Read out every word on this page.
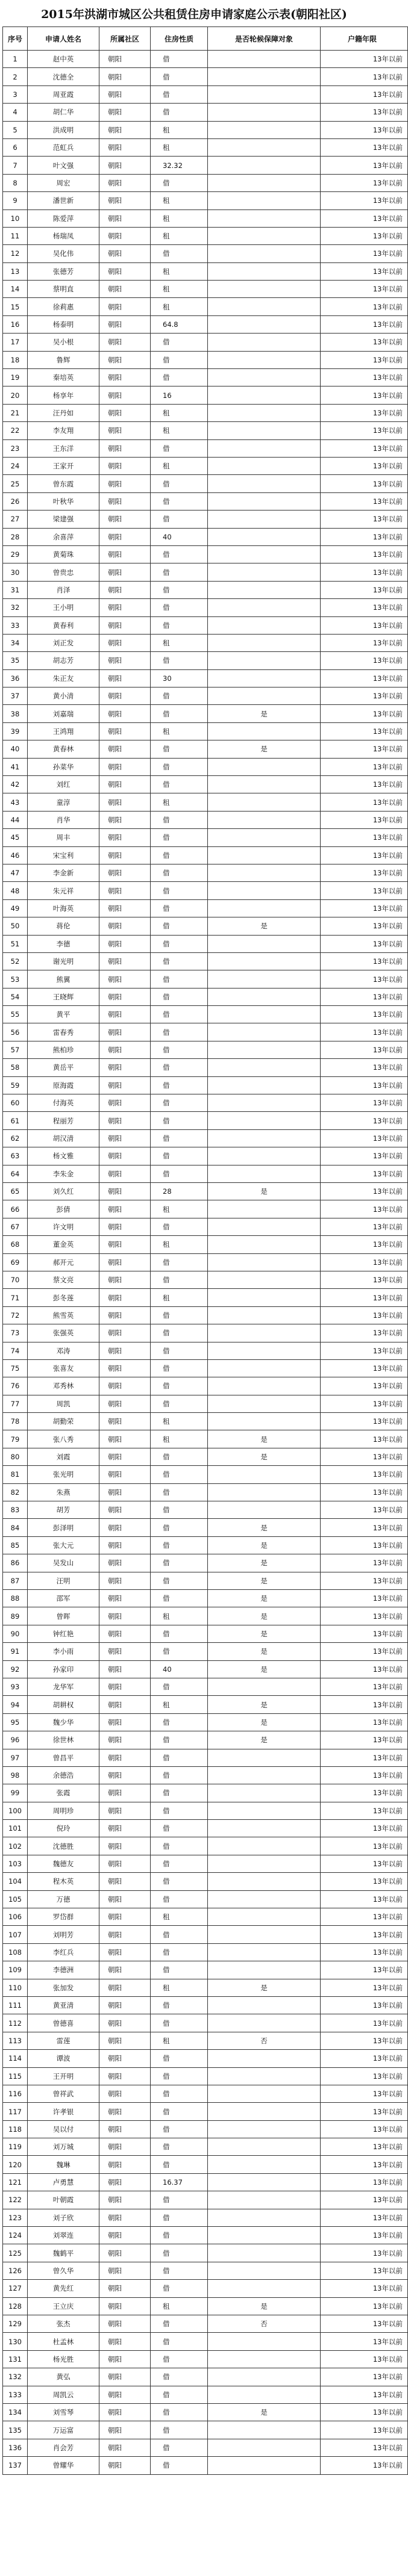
2015年洪湖市城区公共租赁住房申请家庭公示表(朝阳社区)
序号	申请人姓名	所属社区	住房性质	是否轮候保障对象	户籍年限
1	赵中英	朝阳	借		13年以前
2	沈德全	朝阳	借		13年以前
3	周亚霞	朝阳	借		13年以前
4	胡仁华	朝阳	借		13年以前
5	洪成明	朝阳	租		13年以前
6	范虹兵	朝阳	租		13年以前
7	叶文强	朝阳	32.32		13年以前
8	周宏	朝阳	借		13年以前
9	潘世新	朝阳	租		13年以前
10	陈爱萍	朝阳	租		13年以前
11	杨瑞凤	朝阳	租		13年以前
12	吴化伟	朝阳	借		13年以前
13	张德芳	朝阳	租		13年以前
14	蔡明直	朝阳	租		13年以前
15	徐莉惠	朝阳	租		13年以前
16	杨泰明	朝阳	64.8		13年以前
17	吴小根	朝阳	借		13年以前
18	鲁辉	朝阳	借		13年以前
19	秦培英	朝阳	借		13年以前
20	杨享年	朝阳	16		13年以前
21	汪丹如	朝阳	租		13年以前
22	李友翔	朝阳	租		13年以前
23	王东洋	朝阳	借		13年以前
24	王家开	朝阳	租		13年以前
25	曾东霞	朝阳	借		13年以前
26	叶秋华	朝阳	借		13年以前
27	梁建强	朝阳	借		13年以前
28	余喜萍	朝阳	40		13年以前
29	黄菊珠	朝阳	借		13年以前
30	曾贵忠	朝阳	借		13年以前
31	肖泽	朝阳	借		13年以前
32	王小明	朝阳	借		13年以前
33	黄春利	朝阳	借		13年以前
34	刘正发	朝阳	租		13年以前
35	胡志芳	朝阳	借		13年以前
36	朱正友	朝阳	30		13年以前
37	黄小清	朝阳	借		13年以前
38	刘嘉瑞	朝阳	借	是	13年以前
39	王鸿翔	朝阳	租		13年以前
40	黄春林	朝阳	借	是	13年以前
41	孙菜华	朝阳	借		13年以前
42	刘红	朝阳	借		13年以前
43	童淳	朝阳	租		13年以前
44	肖华	朝阳	借		13年以前
45	周丰	朝阳	借		13年以前
46	宋宝利	朝阳	借		13年以前
47	李金新	朝阳	借		13年以前
48	朱元祥	朝阳	借		13年以前
49	叶海英	朝阳	借		13年以前
50	蒋伦	朝阳	借	是	13年以前
51	李德	朝阳	借		13年以前
52	谢光明	朝阳	借		13年以前
53	熊翼	朝阳	借		13年以前
54	王晓辉	朝阳	借		13年以前
55	黄平	朝阳	借		13年以前
56	雷春秀	朝阳	借		13年以前
57	熊柏珍	朝阳	借		13年以前
58	黄岳平	朝阳	借		13年以前
59	原海霞	朝阳	借		13年以前
60	付海英	朝阳	借		13年以前
61	程丽芳	朝阳	借		13年以前
62	胡汉清	朝阳	借		13年以前
63	杨文雅	朝阳	借		13年以前
64	李朱金	朝阳	借		13年以前
65	刘久红	朝阳	28	是	13年以前
66	彭倩	朝阳	租		13年以前
67	许文明	朝阳	借		13年以前
68	董金英	朝阳	租		13年以前
69	郝开元	朝阳	借		13年以前
70	蔡文亮	朝阳	借		13年以前
71	彭冬莲	朝阳	租		13年以前
72	熊雪英	朝阳	借		13年以前
73	张强英	朝阳	借		13年以前
74	邓涛	朝阳	借		13年以前
75	张喜友	朝阳	借		13年以前
76	邓秀林	朝阳	借		13年以前
77	周凯	朝阳	借		13年以前
78	胡勤荣	朝阳	租		13年以前
79	张八秀	朝阳	租	是	13年以前
80	刘霞	朝阳	借	是	13年以前
81	张光明	朝阳	借		13年以前
82	朱燕	朝阳	借		13年以前
83	胡芳	朝阳	借		13年以前
84	彭泽明	朝阳	借	是	13年以前
85	张大元	朝阳	借	是	13年以前
86	吴发山	朝阳	借	是	13年以前
87	汪明	朝阳	借	是	13年以前
88	邵军	朝阳	借	是	13年以前
89	曾晖	朝阳	租	是	13年以前
90	钟红艳	朝阳	借	是	13年以前
91	李小雨	朝阳	借	是	13年以前
92	孙家印	朝阳	40	是	13年以前
93	龙华军	朝阳	借		13年以前
94	胡耕权	朝阳	租	是	13年以前
95	魏少华	朝阳	借	是	13年以前
96	徐世林	朝阳	借	是	13年以前
97	曾昌平	朝阳	借		13年以前
98	余德浩	朝阳	借		13年以前
99	张霞	朝阳	借		13年以前
100	周明珍	朝阳	借		13年以前
101	倪玲	朝阳	借		13年以前
102	沈德胜	朝阳	借		13年以前
103	魏德友	朝阳	借		13年以前
104	程木英	朝阳	借		13年以前
105	万德	朝阳	借		13年以前
106	罗岱群	朝阳	租		13年以前
107	刘明芳	朝阳	借		13年以前
108	李红兵	朝阳	借		13年以前
109	李德洲	朝阳	借		13年以前
110	张加发	朝阳	租	是	13年以前
111	黄亚清	朝阳	借		13年以前
112	曾德喜	朝阳	借		13年以前
113	雷莲	朝阳	租	否	13年以前
114	谭波	朝阳	借		13年以前
115	王开明	朝阳	借		13年以前
116	曾祥武	朝阳	借		13年以前
117	许孝银	朝阳	借		13年以前
118	吴以付	朝阳	借		13年以前
119	刘万城	朝阳	借		13年以前
120	魏琳	朝阳	借		13年以前
121	卢勇慧	朝阳	16.37		13年以前
122	叶朝霞	朝阳	借		13年以前
123	刘子欣	朝阳	借		13年以前
124	刘翠连	朝阳	借		13年以前
125	魏鹤平	朝阳	借		13年以前
126	曾久华	朝阳	借		13年以前
127	黄先红	朝阳	借		13年以前
128	王立庆	朝阳	租	是	13年以前
129	张杰	朝阳	借	否	13年以前
130	杜孟林	朝阳	借		13年以前
131	杨光胜	朝阳	借		13年以前
132	黄弘	朝阳	借		13年以前
133	周凯云	朝阳	借		13年以前
134	刘雪琴	朝阳	借	是	13年以前
135	万运富	朝阳	借		13年以前
136	肖会芳	朝阳	借		13年以前
137	曾耀华	朝阳	借		13年以前
